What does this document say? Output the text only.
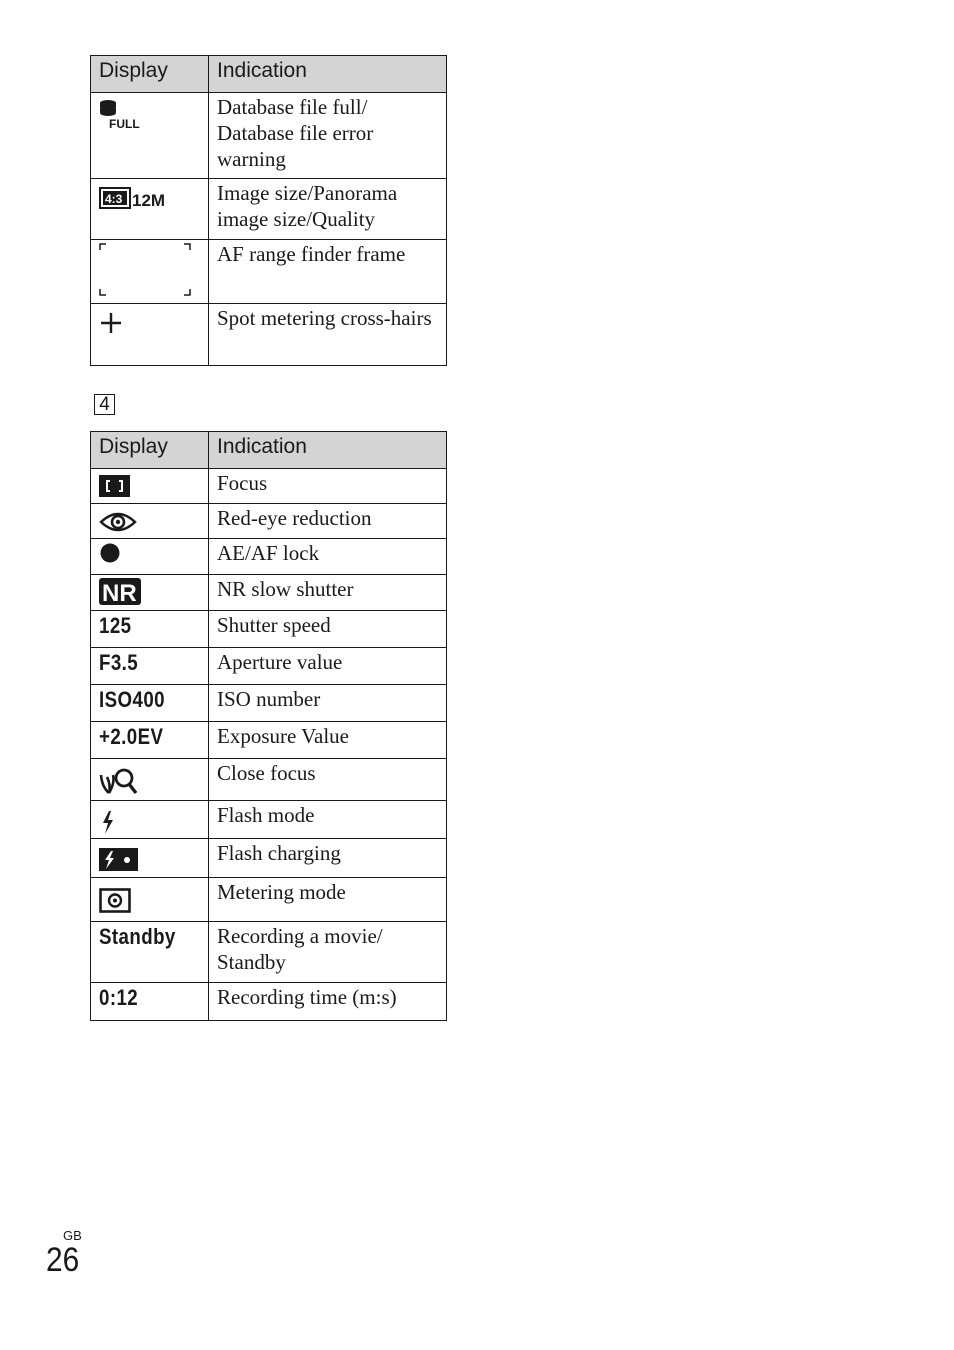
Display	Indication

FULL	Database file full/ Database file error warning

4:3 12M	Image size/Panorama image size/Quality

	AF range finder frame

	Spot metering cross-hairs
4
Display	Indication

	Focus

	Red-eye reduction

	AE/AF lock

NR	NR slow shutter
125	Shutter speed
F3.5	Aperture value
ISO400	ISO number
+2.0EV	Exposure Value

	Close focus

	Flash mode

	Flash charging

	Metering mode
Standby	Recording a movie/ Standby
0:12	Recording time (m:s)
GB
26
